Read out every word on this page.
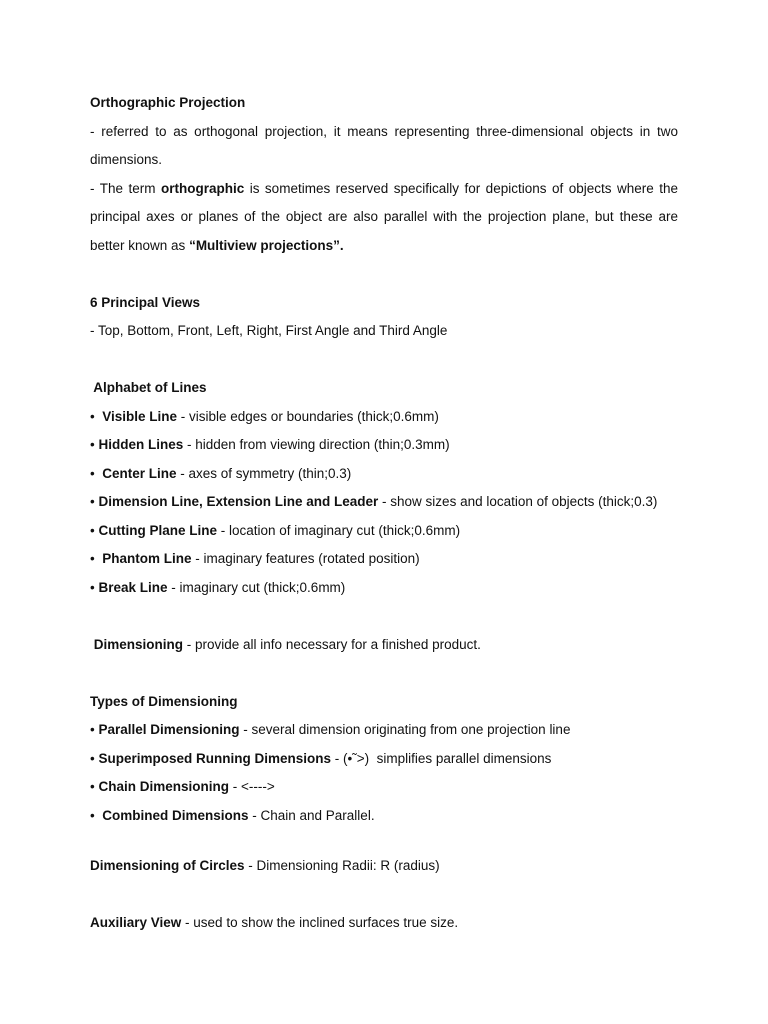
Orthographic Projection
- referred to as orthogonal projection, it means representing three-dimensional objects in two
dimensions.
- The term orthographic is sometimes reserved specifically for depictions of objects where the
principal axes or planes of the object are also parallel with the projection plane, but these are
better known as “Multiview projections”.
6 Principal Views
- Top, Bottom, Front, Left, Right, First Angle and Third Angle
Alphabet of Lines
•  Visible Line - visible edges or boundaries (thick;0.6mm)
• Hidden Lines - hidden from viewing direction (thin;0.3mm)
•  Center Line - axes of symmetry (thin;0.3)
• Dimension Line, Extension Line and Leader - show sizes and location of objects (thick;0.3)
• Cutting Plane Line - location of imaginary cut (thick;0.6mm)
•  Phantom Line - imaginary features (rotated position)
• Break Line - imaginary cut (thick;0.6mm)
Dimensioning - provide all info necessary for a finished product.
Types of Dimensioning
• Parallel Dimensioning - several dimension originating from one projection line
• Superimposed Running Dimensions - (•˜>)  simplifies parallel dimensions
• Chain Dimensioning - <---->
•  Combined Dimensions - Chain and Parallel.
Dimensioning of Circles - Dimensioning Radii: R (radius)
Auxiliary View - used to show the inclined surfaces true size.
